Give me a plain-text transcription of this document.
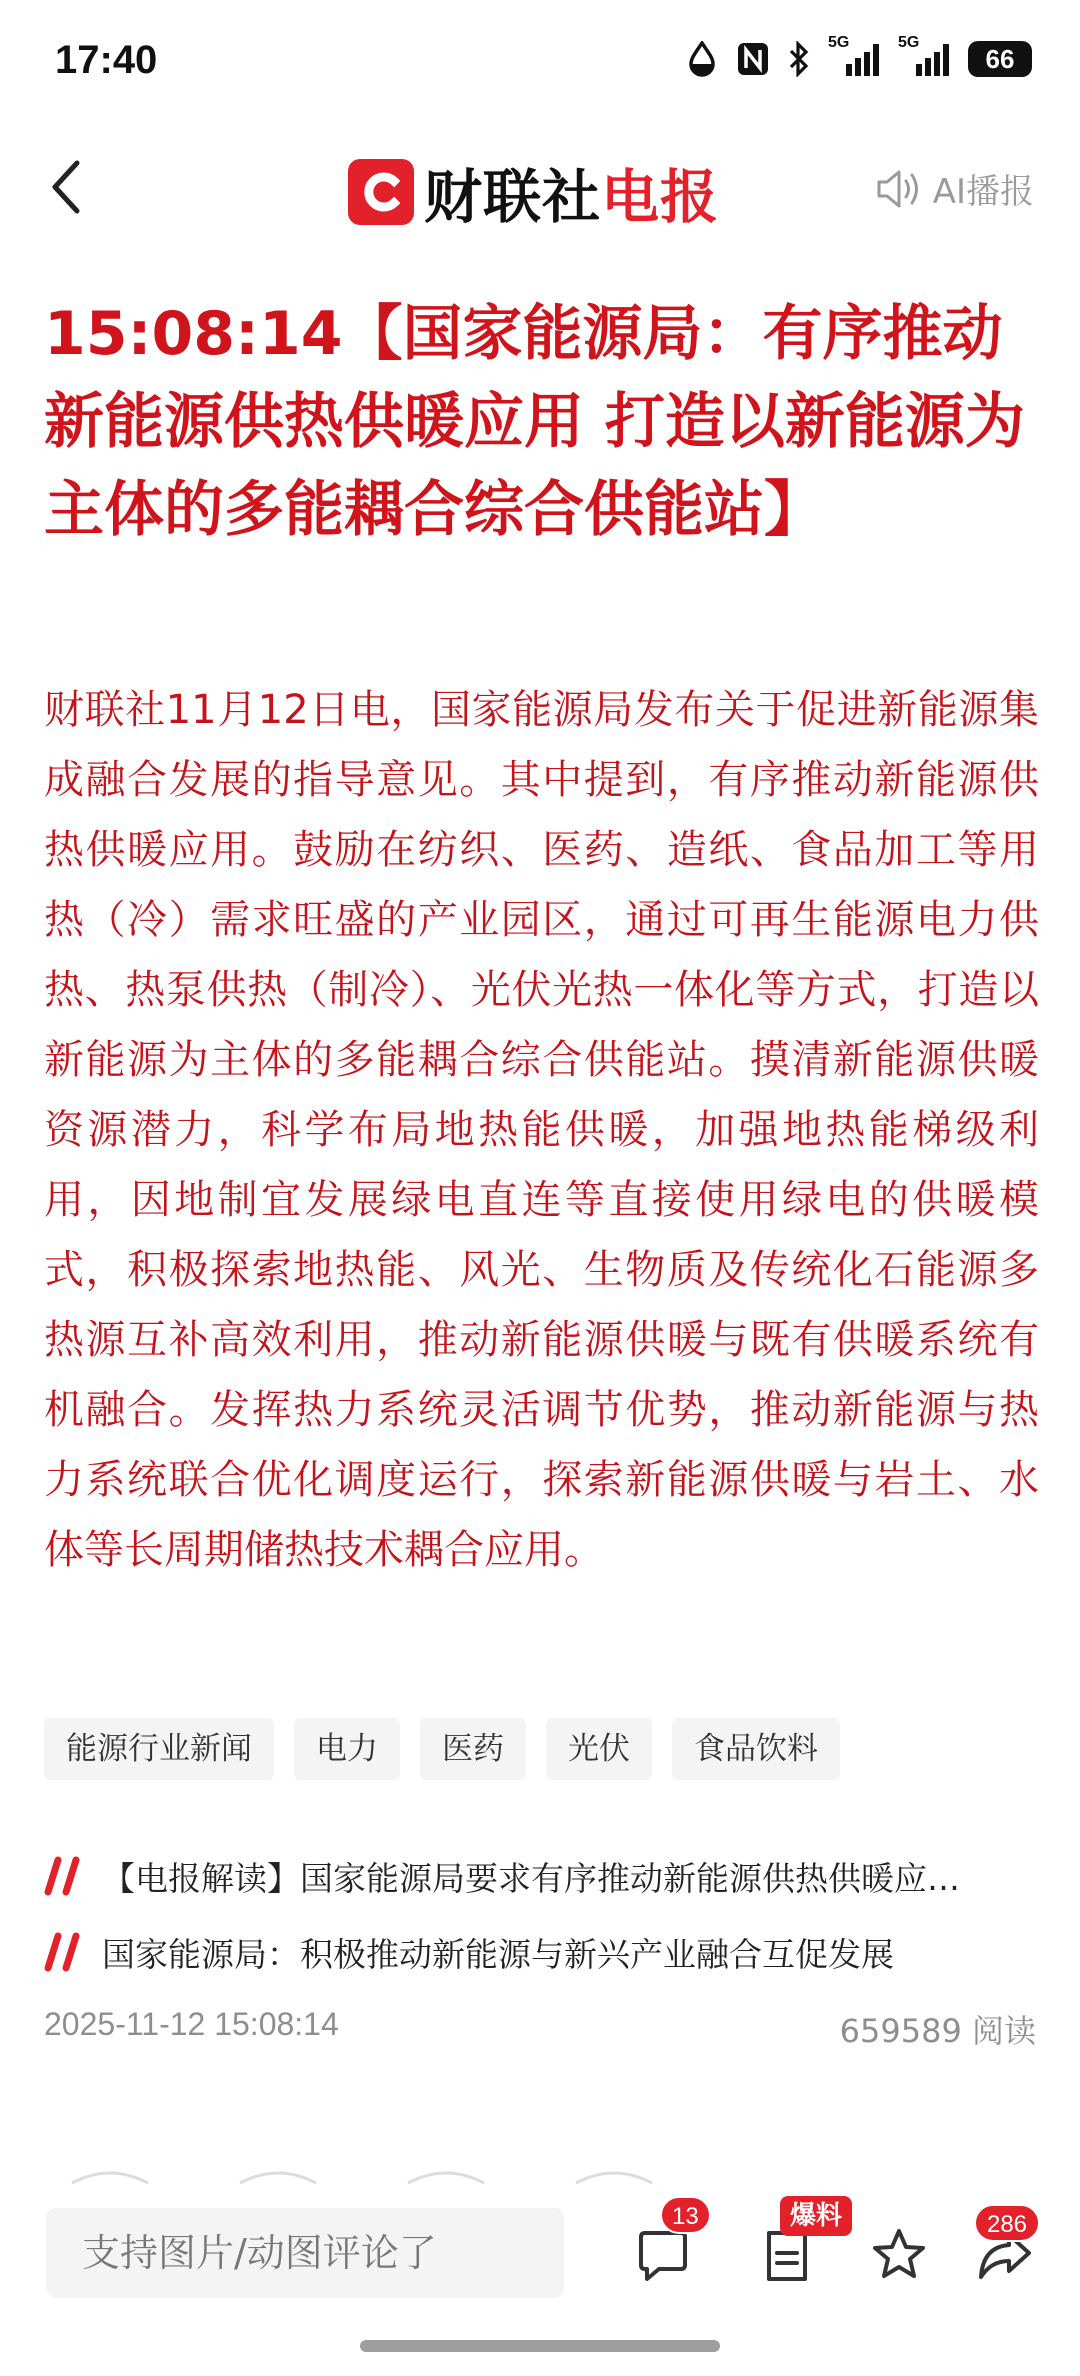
17:40	5G	5G
66
财联社电报	AI播报
15:08:14【国家能源局：有序推动新能源供热供暖应用 打造以新能源为主体的多能耦合综合供能站】

财联社11月12日电，国家能源局发布关于促进新能源集成融合发展的指导意见。其中提到，有序推动新能源供热供暖应用。鼓励在纺织、医药、造纸、食品加工等用热（冷）需求旺盛的产业园区，通过可再生能源电力供热、热泵供热（制冷）、光伏光热一体化等方式，打造以新能源为主体的多能耦合综合供能站。摸清新能源供暖资源潜力，科学布局地热能供暖，加强地热能梯级利用，因地制宜发展绿电直连等直接使用绿电的供暖模式，积极探索地热能、风光、生物质及传统化石能源多热源互补高效利用，推动新能源供暖与既有供暖系统有机融合。发挥热力系统灵活调节优势，推动新能源与热力系统联合优化调度运行，探索新能源供暖与岩土、水体等长周期储热技术耦合应用。

能源行业新闻	电力	医药	光伏	食品饮料
【电报解读】国家能源局要求有序推动新能源供热供暖应…
国家能源局：积极推动新能源与新兴产业融合互促发展
2025-11-12 15:08:14	659589 阅读
支持图片/动图评论了
13	爆料	286
